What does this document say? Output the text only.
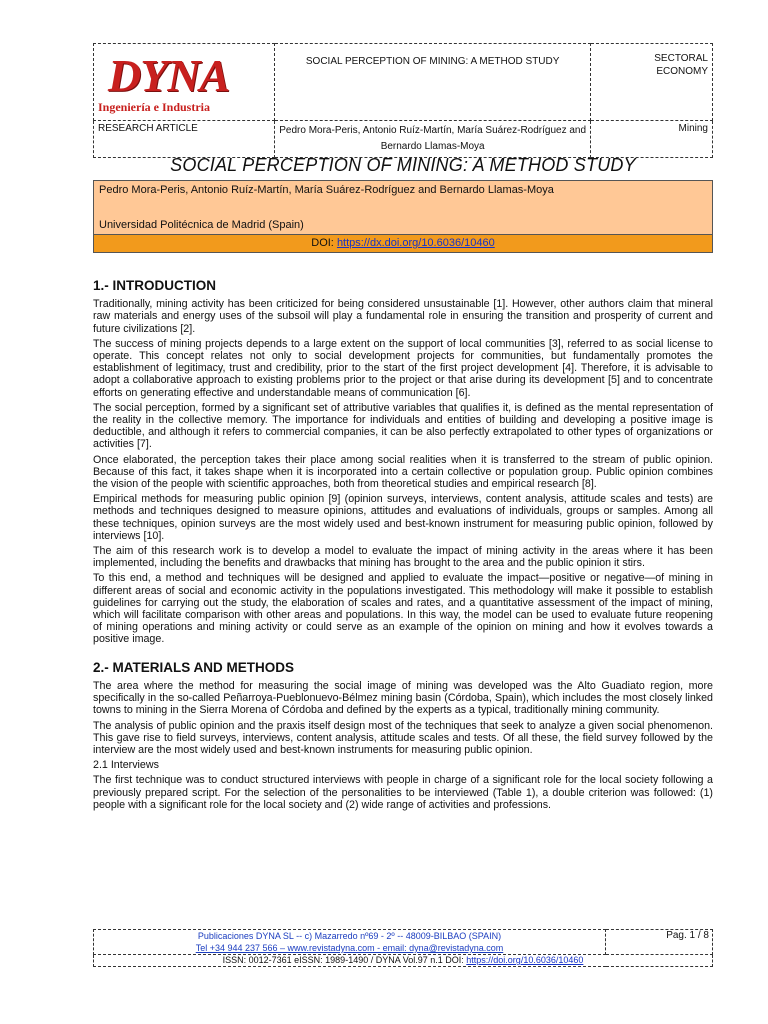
DYNA
Ingeniería e Industria	SOCIAL PERCEPTION OF MINING: A METHOD STUDY	SECTORAL ECONOMY

RESEARCH ARTICLE	Pedro Mora-Peris, Antonio Ruíz-Martín, María Suárez-Rodríguez and Bernardo Llamas-Moya	Mining
SOCIAL PERCEPTION OF MINING: A METHOD STUDY
Pedro Mora-Peris, Antonio Ruíz-Martín, María Suárez-Rodríguez and Bernardo Llamas-Moya
Universidad Politécnica de Madrid (Spain)
DOI: https://dx.doi.org/10.6036/10460
1.- INTRODUCTION

Traditionally, mining activity has been criticized for being considered unsustainable [1]. However, other authors claim that mineral raw materials and energy uses of the subsoil will play a fundamental role in ensuring the transition and prosperity of current and future civilizations [2].

The success of mining projects depends to a large extent on the support of local communities [3], referred to as social license to operate. This concept relates not only to social development projects for communities, but fundamentally promotes the establishment of legitimacy, trust and credibility, prior to the start of the first project development [4]. Therefore, it is advisable to adopt a collaborative approach to existing problems prior to the project or that arise during its development [5] and to concentrate efforts on generating effective and understandable means of communication [6].

The social perception, formed by a significant set of attributive variables that qualifies it, is defined as the mental representation of the reality in the collective memory. The importance for individuals and entities of building and developing a positive image is deductible, and although it refers to commercial companies, it can be also perfectly extrapolated to other types of organizations or activities [7].

Once elaborated, the perception takes their place among social realities when it is transferred to the stream of public opinion. Because of this fact, it takes shape when it is incorporated into a certain collective or population group. Public opinion combines the vision of the people with scientific approaches, both from theoretical studies and empirical research [8].

Empirical methods for measuring public opinion [9] (opinion surveys, interviews, content analysis, attitude scales and tests) are methods and techniques designed to measure opinions, attitudes and evaluations of individuals, groups or samples. Among all these techniques, opinion surveys are the most widely used and best-known instrument for measuring public opinion, followed by interviews [10].

The aim of this research work is to develop a model to evaluate the impact of mining activity in the areas where it has been implemented, including the benefits and drawbacks that mining has brought to the area and the public opinion it stirs.

To this end, a method and techniques will be designed and applied to evaluate the impact—positive or negative—of mining in different areas of social and economic activity in the populations investigated. This methodology will make it possible to establish guidelines for carrying out the study, the elaboration of scales and rates, and a quantitative assessment of the impact of mining, which will facilitate comparison with other areas and populations. In this way, the model can be used to evaluate future reopening of mining operations and mining activity or could serve as an example of the opinion on mining and how it evolves towards a positive image.

2.- MATERIALS AND METHODS

The area where the method for measuring the social image of mining was developed was the Alto Guadiato region, more specifically in the so-called Peñarroya-Pueblonuevo-Bélmez mining basin (Córdoba, Spain), which includes the most closely linked towns to mining in the Sierra Morena of Córdoba and defined by the experts as a typical, traditionally mining community.

The analysis of public opinion and the praxis itself design most of the techniques that seek to analyze a given social phenomenon. This gave rise to field surveys, interviews, content analysis, attitude scales and tests. Of all these, the field survey followed by the interview are the most widely used and best-known instruments for measuring public opinion.

2.1 Interviews

The first technique was to conduct structured interviews with people in charge of a significant role for the local society following a previously prepared script. For the selection of the personalities to be interviewed (Table 1), a double criterion was followed: (1) people with a significant role for the local society and (2) wide range of activities and professions.

Publicaciones DYNA SL -- c) Mazarredo nº69 - 2º -- 48009-BILBAO (SPAIN)
Tel +34 944 237 566 – www.revistadyna.com - email: dyna@revistadyna.com
	Pag. 1 / 8
ISSN: 0012-7361 eISSN: 1989-1490 / DYNA Vol.97 n.1 DOI: https://doi.org/10.6036/10460
